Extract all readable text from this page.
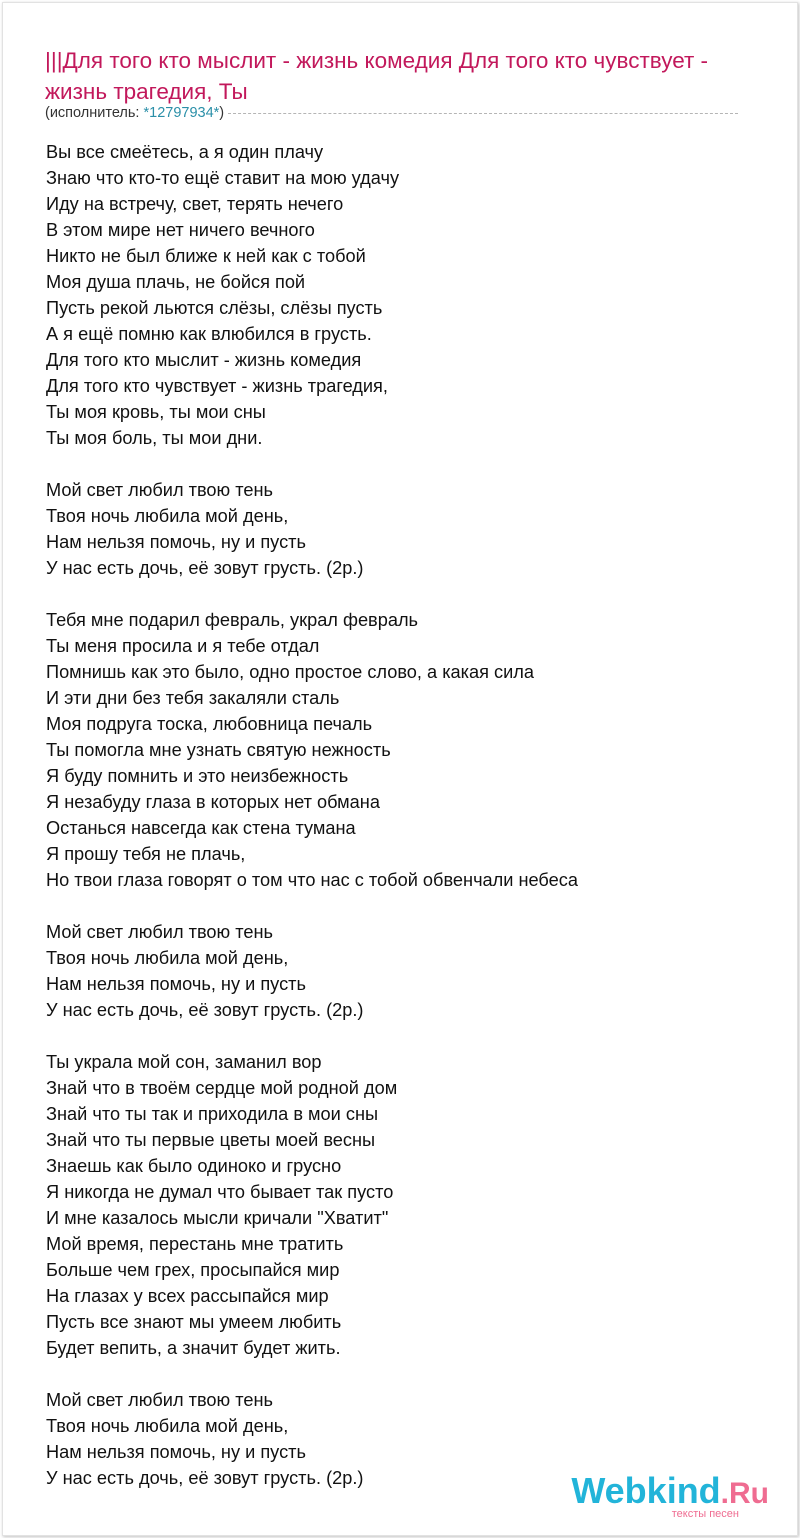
|||Для того кто мыслит - жизнь комедия Для того кто чувствует - жизнь трагедия, Ты
(исполнитель: *12797934*)
Вы все смеётесь, а я один плачу
Знаю что кто-то ещё ставит на мою удачу
Иду на встречу, свет, терять нечего
В этом мире нет ничего вечного
Никто не был ближе к ней как с тобой
Моя душа плачь, не бойся пой
Пусть рекой льются слёзы, слёзы пусть
А я ещё помню как влюбился в грусть.
Для того кто мыслит - жизнь комедия
Для того кто чувствует - жизнь трагедия,
Ты моя кровь, ты мои сны
Ты моя боль, ты мои дни.
Мой свет любил твою тень
Твоя ночь любила мой день,
Нам нельзя помочь, ну и пусть
У нас есть дочь, её зовут грусть. (2р.)
Тебя мне подарил февраль, украл февраль
Ты меня просила и я тебе отдал
Помнишь как это было, одно простое слово, а какая сила
И эти дни без тебя закаляли сталь
Моя подруга тоска, любовница печаль
Ты помогла мне узнать святую нежность
Я буду помнить и это неизбежность
Я незабуду глаза в которых нет обмана
Останься навсегда как стена тумана
Я прошу тебя не плачь,
Но твои глаза говорят о том что нас с тобой обвенчали небеса
Мой свет любил твою тень
Твоя ночь любила мой день,
Нам нельзя помочь, ну и пусть
У нас есть дочь, её зовут грусть. (2р.)
Ты украла мой сон, заманил вор
Знай что в твоём сердце мой родной дом
Знай что ты так и приходила в мои сны
Знай что ты первые цветы моей весны
Знаешь как было одиноко и грусно
Я никогда не думал что бывает так пусто
И мне казалось мысли кричали "Хватит"
Мой время, перестань мне тратить
Больше чем грех, просыпайся мир
На глазах у всех рассыпайся мир
Пусть все знают мы умеем любить
Будет вепить, а значит будет жить.
Мой свет любил твою тень
Твоя ночь любила мой день,
Нам нельзя помочь, ну и пусть
У нас есть дочь, её зовут грусть. (2р.)	Webkind.Ru
тексты песен
